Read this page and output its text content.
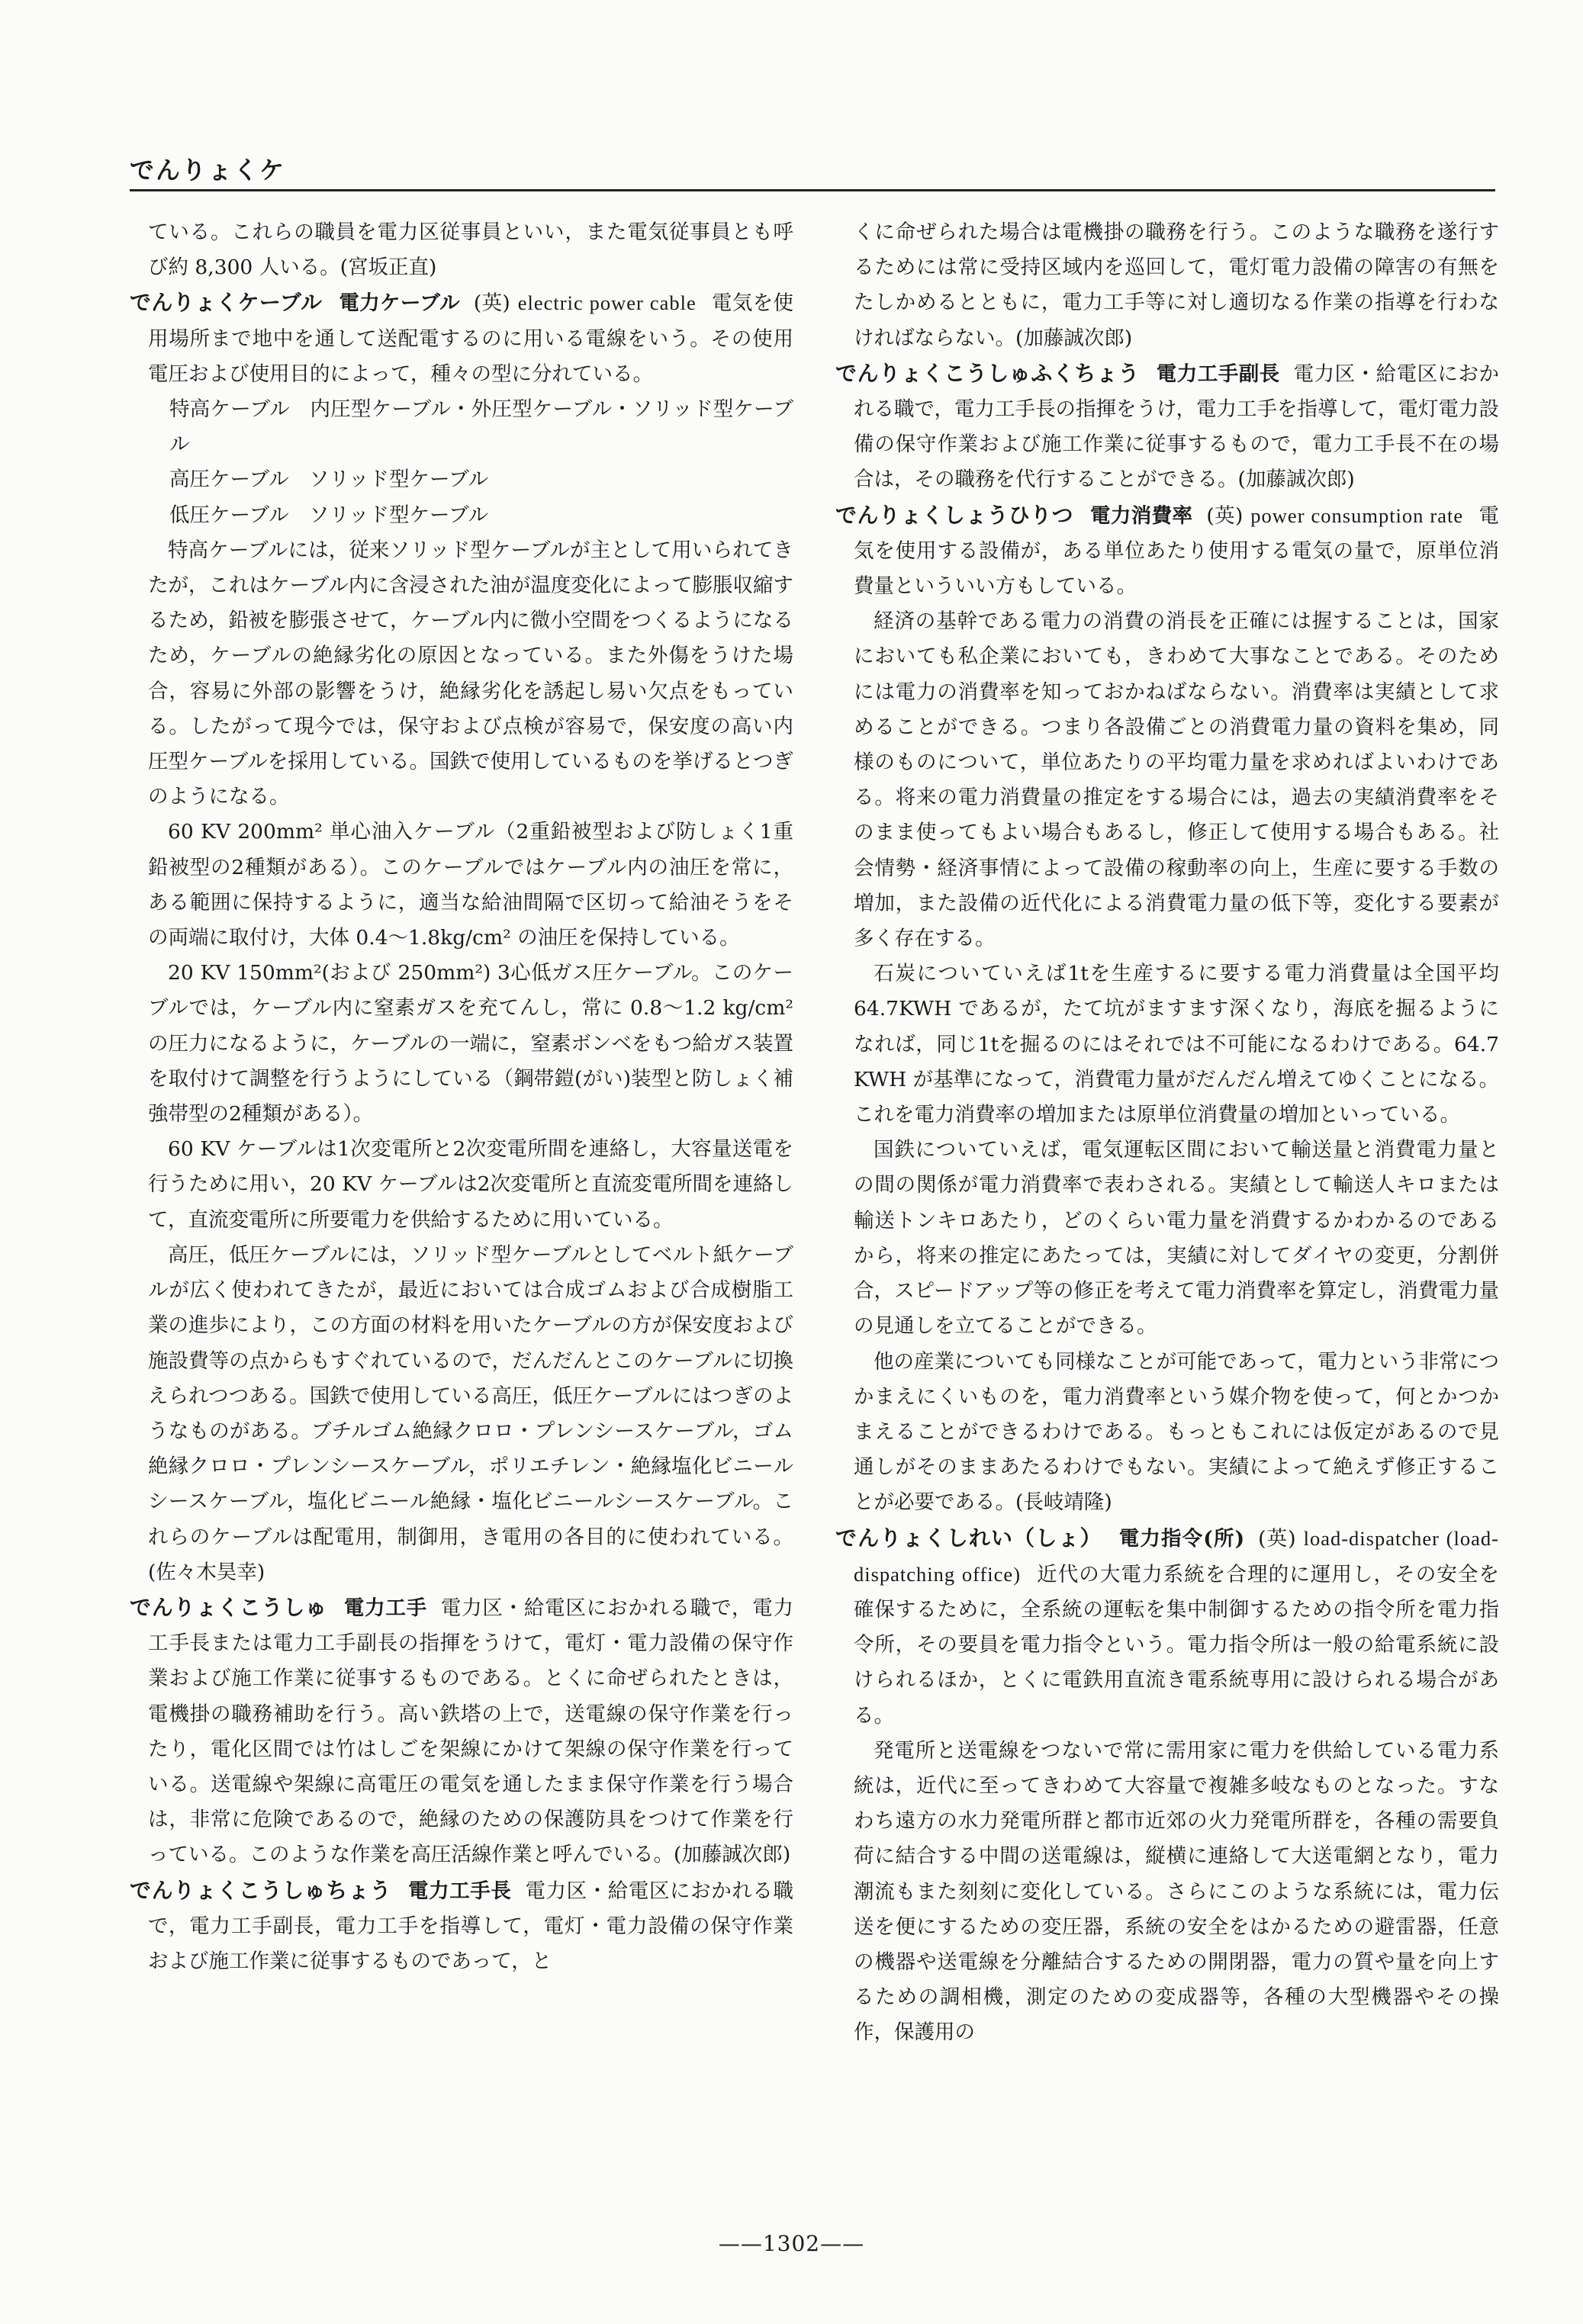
でんりょくケ

ている。これらの職員を電力区従事員といい，また電気従事員とも呼び約 8,300 人いる。(宮坂正直)

でんりょくケーブル 電力ケーブル (英) electric power cable 電気を使用場所まで地中を通して送配電するのに用いる電線をいう。その使用電圧および使用目的によって，種々の型に分れている。

特高ケーブル　内圧型ケーブル・外圧型ケーブル・ソリッド型ケーブル

高圧ケーブル　ソリッド型ケーブル

低圧ケーブル　ソリッド型ケーブル

特高ケーブルには，従来ソリッド型ケーブルが主として用いられてきたが，これはケーブル内に含浸された油が温度変化によって膨脹収縮するため，鉛被を膨張させて，ケーブル内に微小空間をつくるようになるため，ケーブルの絶縁劣化の原因となっている。また外傷をうけた場合，容易に外部の影響をうけ，絶縁劣化を誘起し易い欠点をもっている。したがって現今では，保守および点検が容易で，保安度の高い内圧型ケーブルを採用している。国鉄で使用しているものを挙げるとつぎのようになる。

60 KV 200mm² 単心油入ケーブル（2重鉛被型および防しょく1重鉛被型の2種類がある）。このケーブルではケーブル内の油圧を常に，ある範囲に保持するように，適当な給油間隔で区切って給油そうをその両端に取付け，大体 0.4〜1.8kg/cm² の油圧を保持している。

20 KV 150mm²(および 250mm²) 3心低ガス圧ケーブル。このケーブルでは，ケーブル内に窒素ガスを充てんし，常に 0.8〜1.2 kg/cm² の圧力になるように，ケーブルの一端に，窒素ボンベをもつ給ガス装置を取付けて調整を行うようにしている（鋼帯鎧(がい)装型と防しょく補強帯型の2種類がある）。

60 KV ケーブルは1次変電所と2次変電所間を連絡し，大容量送電を行うために用い，20 KV ケーブルは2次変電所と直流変電所間を連絡して，直流変電所に所要電力を供給するために用いている。

高圧，低圧ケーブルには，ソリッド型ケーブルとしてベルト紙ケーブルが広く使われてきたが，最近においては合成ゴムおよび合成樹脂工業の進歩により，この方面の材料を用いたケーブルの方が保安度および施設費等の点からもすぐれているので，だんだんとこのケーブルに切換えられつつある。国鉄で使用している高圧，低圧ケーブルにはつぎのようなものがある。ブチルゴム絶縁クロロ・プレンシースケーブル，ゴム絶縁クロロ・プレンシースケーブル，ポリエチレン・絶縁塩化ビニールシースケーブル，塩化ビニール絶縁・塩化ビニールシースケーブル。これらのケーブルは配電用，制御用，き電用の各目的に使われている。(佐々木昊幸)

でんりょくこうしゅ 電力工手 電力区・給電区におかれる職で，電力工手長または電力工手副長の指揮をうけて，電灯・電力設備の保守作業および施工作業に従事するものである。とくに命ぜられたときは，電機掛の職務補助を行う。高い鉄塔の上で，送電線の保守作業を行ったり，電化区間では竹はしごを架線にかけて架線の保守作業を行っている。送電線や架線に高電圧の電気を通したまま保守作業を行う場合は，非常に危険であるので，絶縁のための保護防具をつけて作業を行っている。このような作業を高圧活線作業と呼んでいる。(加藤誠次郎)

でんりょくこうしゅちょう 電力工手長 電力区・給電区におかれる職で，電力工手副長，電力工手を指導して，電灯・電力設備の保守作業および施工作業に従事するものであって，と

くに命ぜられた場合は電機掛の職務を行う。このような職務を遂行するためには常に受持区域内を巡回して，電灯電力設備の障害の有無をたしかめるとともに，電力工手等に対し適切なる作業の指導を行わなければならない。(加藤誠次郎)

でんりょくこうしゅふくちょう 電力工手副長 電力区・給電区におかれる職で，電力工手長の指揮をうけ，電力工手を指導して，電灯電力設備の保守作業および施工作業に従事するもので，電力工手長不在の場合は，その職務を代行することができる。(加藤誠次郎)

でんりょくしょうひりつ 電力消費率 (英) power consumption rate 電気を使用する設備が，ある単位あたり使用する電気の量で，原単位消費量といういい方もしている。

経済の基幹である電力の消費の消長を正確には握することは，国家においても私企業においても，きわめて大事なことである。そのためには電力の消費率を知っておかねばならない。消費率は実績として求めることができる。つまり各設備ごとの消費電力量の資料を集め，同様のものについて，単位あたりの平均電力量を求めればよいわけである。将来の電力消費量の推定をする場合には，過去の実績消費率をそのまま使ってもよい場合もあるし，修正して使用する場合もある。社会情勢・経済事情によって設備の稼動率の向上，生産に要する手数の増加，また設備の近代化による消費電力量の低下等，変化する要素が多く存在する。

石炭についていえば1tを生産するに要する電力消費量は全国平均 64.7KWH であるが，たて坑がますます深くなり，海底を掘るようになれば，同じ1tを掘るのにはそれでは不可能になるわけである。64.7 KWH が基準になって，消費電力量がだんだん増えてゆくことになる。これを電力消費率の増加または原単位消費量の増加といっている。

国鉄についていえば，電気運転区間において輸送量と消費電力量との間の関係が電力消費率で表わされる。実績として輸送人キロまたは輸送トンキロあたり，どのくらい電力量を消費するかわかるのであるから，将来の推定にあたっては，実績に対してダイヤの変更，分割併合，スピードアップ等の修正を考えて電力消費率を算定し，消費電力量の見通しを立てることができる。

他の産業についても同様なことが可能であって，電力という非常につかまえにくいものを，電力消費率という媒介物を使って，何とかつかまえることができるわけである。もっともこれには仮定があるので見通しがそのままあたるわけでもない。実績によって絶えず修正することが必要である。(長岐靖隆)

でんりょくしれい（しょ） 電力指令(所) (英) load-dispatcher (load-dispatching office) 近代の大電力系統を合理的に運用し，その安全を確保するために，全系統の運転を集中制御するための指令所を電力指令所，その要員を電力指令という。電力指令所は一般の給電系統に設けられるほか，とくに電鉄用直流き電系統専用に設けられる場合がある。

発電所と送電線をつないで常に需用家に電力を供給している電力系統は，近代に至ってきわめて大容量で複雑多岐なものとなった。すなわち遠方の水力発電所群と都市近郊の火力発電所群を，各種の需要負荷に結合する中間の送電線は，縦横に連絡して大送電網となり，電力潮流もまた刻刻に変化している。さらにこのような系統には，電力伝送を便にするための変圧器，系統の安全をはかるための避雷器，任意の機器や送電線を分離結合するための開閉器，電力の質や量を向上するための調相機，測定のための変成器等，各種の大型機器やその操作，保護用の

——1302——
